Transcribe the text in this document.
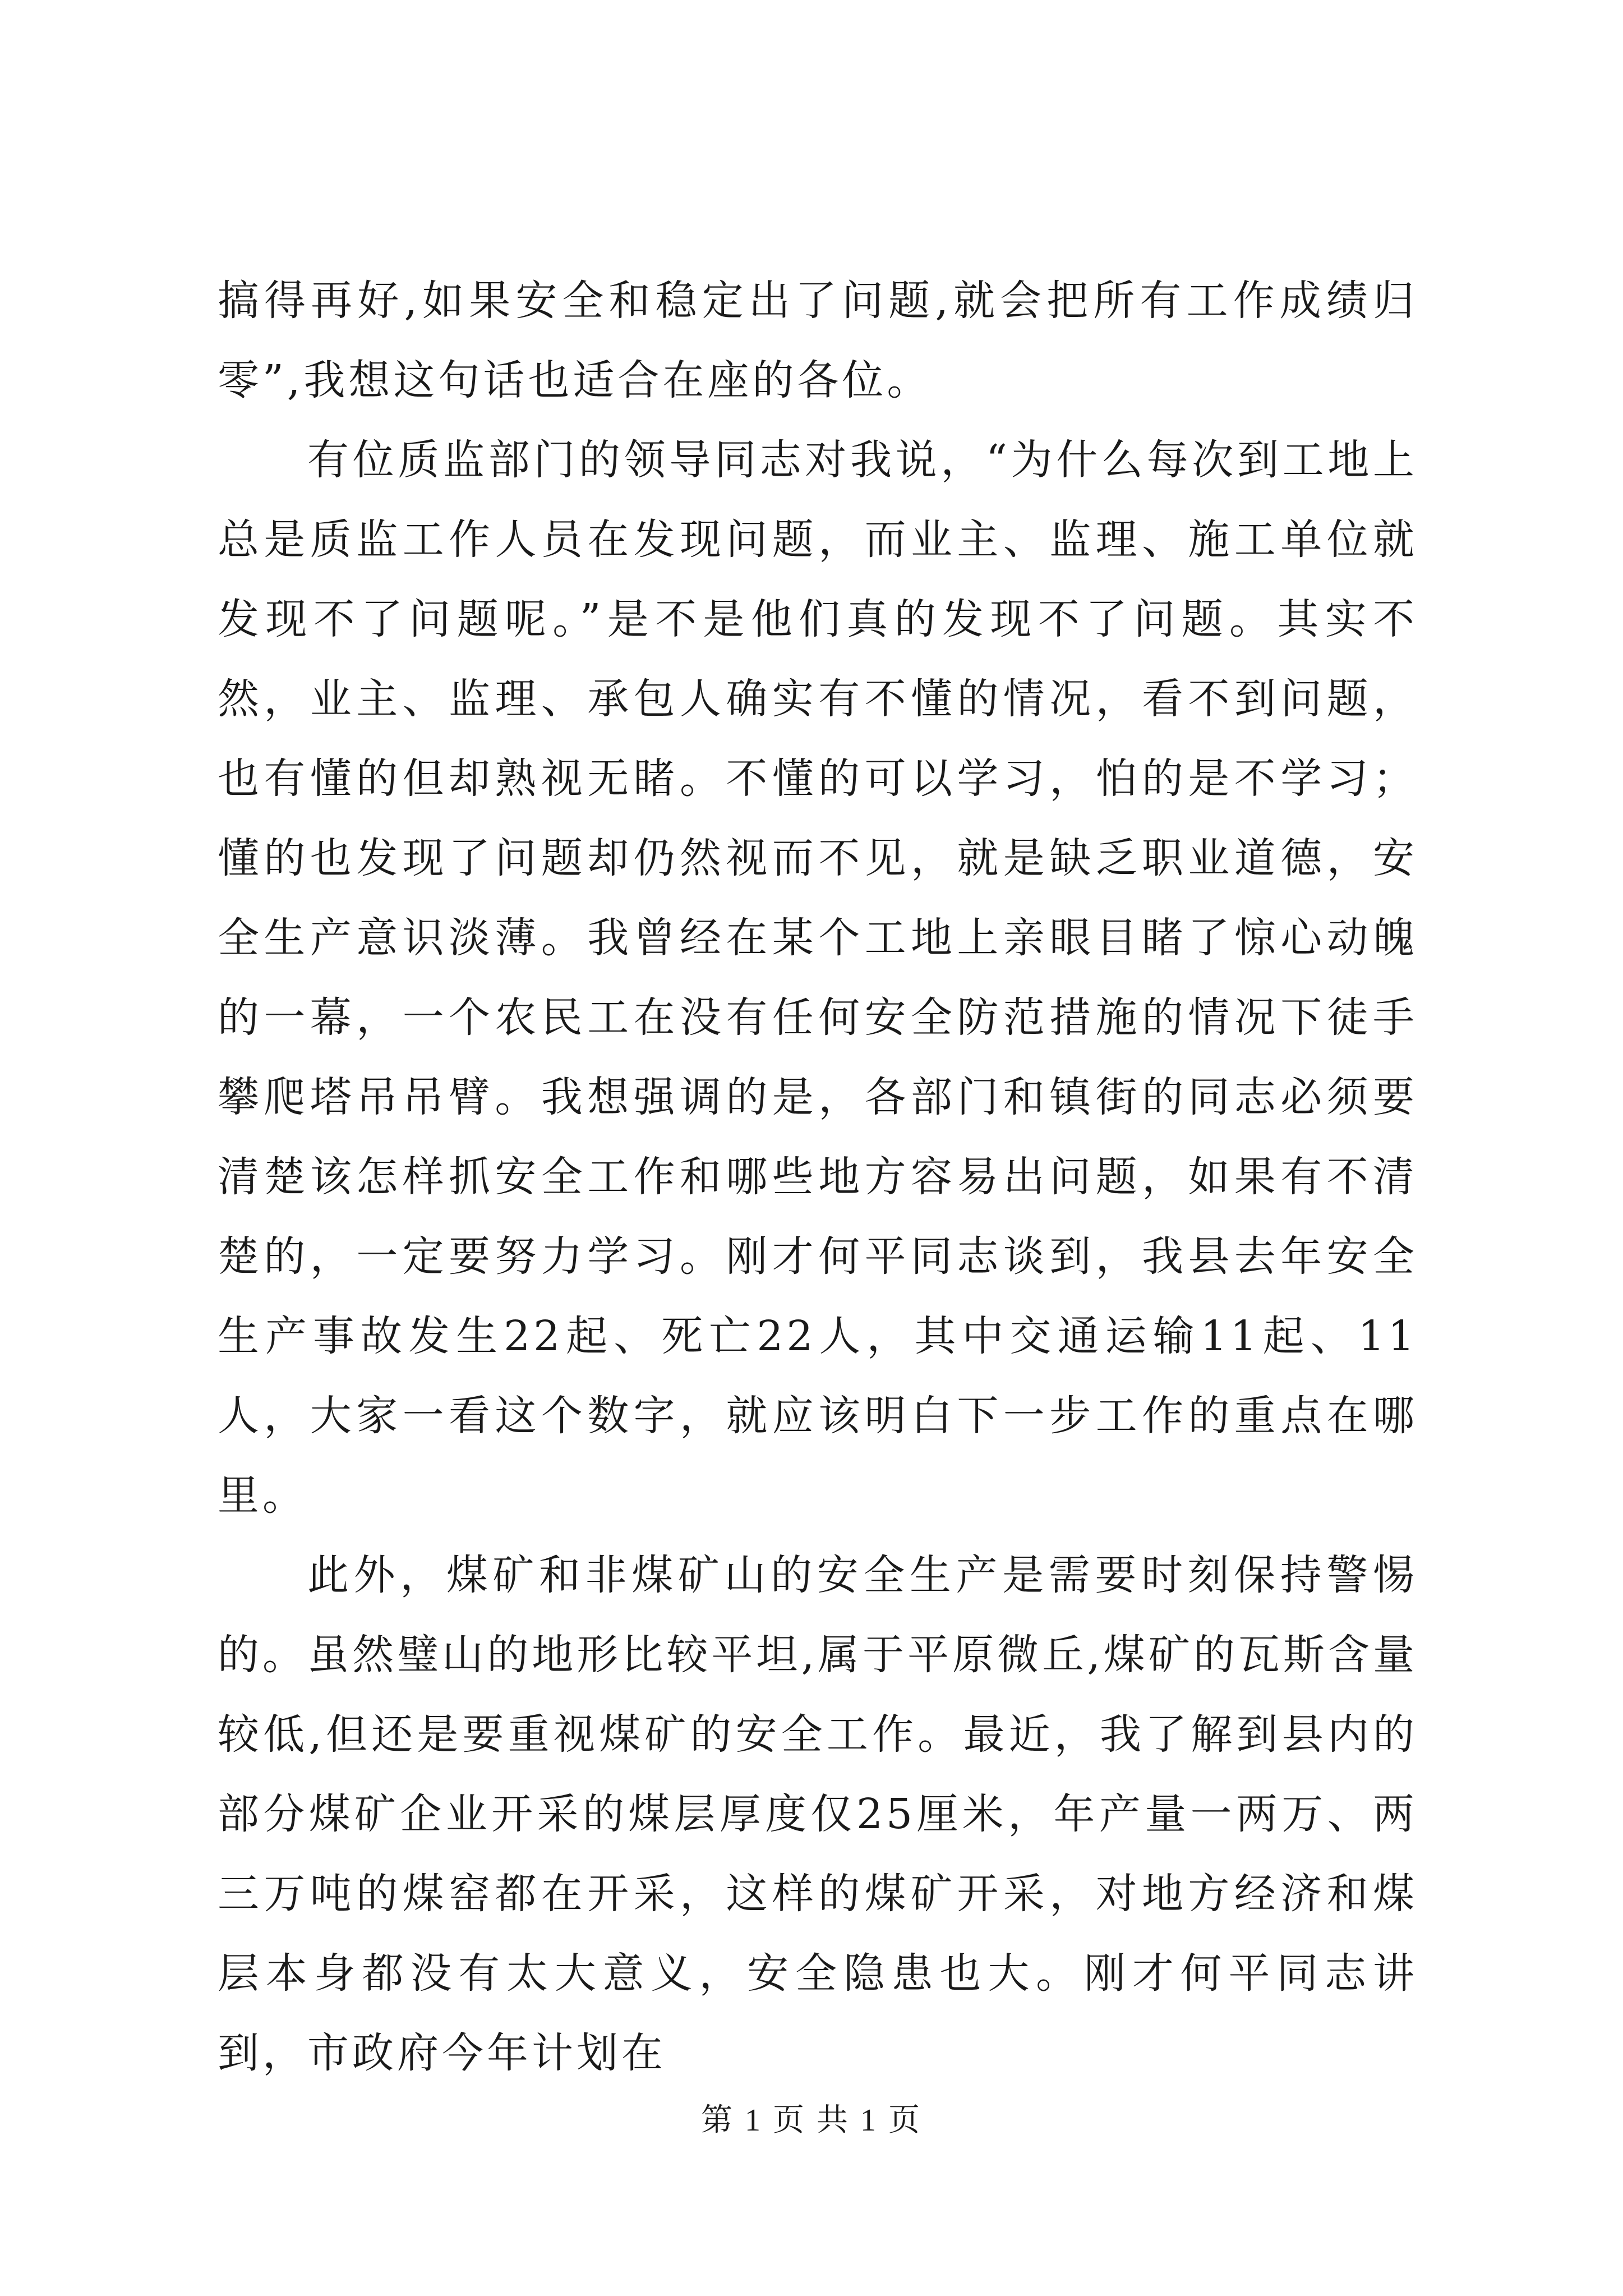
搞得再好,如果安全和稳定出了问题,就会把所有工作成绩归零”,我想这句话也适合在座的各位。

有位质监部门的领导同志对我说，“为什么每次到工地上总是质监工作人员在发现问题，而业主、监理、施工单位就发现不了问题呢。”是不是他们真的发现不了问题。其实不然，业主、监理、承包人确实有不懂的情况，看不到问题，也有懂的但却熟视无睹。不懂的可以学习，怕的是不学习；懂的也发现了问题却仍然视而不见，就是缺乏职业道德，安全生产意识淡薄。我曾经在某个工地上亲眼目睹了惊心动魄的一幕，一个农民工在没有任何安全防范措施的情况下徒手攀爬塔吊吊臂。我想强调的是，各部门和镇街的同志必须要清楚该怎样抓安全工作和哪些地方容易出问题，如果有不清楚的，一定要努力学习。刚才何平同志谈到，我县去年安全生产事故发生22起、死亡22人，其中交通运输11起、11人，大家一看这个数字，就应该明白下一步工作的重点在哪里。

此外，煤矿和非煤矿山的安全生产是需要时刻保持警惕的。虽然璧山的地形比较平坦,属于平原微丘,煤矿的瓦斯含量较低,但还是要重视煤矿的安全工作。最近，我了解到县内的部分煤矿企业开采的煤层厚度仅25厘米，年产量一两万、两三万吨的煤窑都在开采，这样的煤矿开采，对地方经济和煤层本身都没有太大意义，安全隐患也大。刚才何平同志讲到，市政府今年计划在

第 1 页 共 1 页
